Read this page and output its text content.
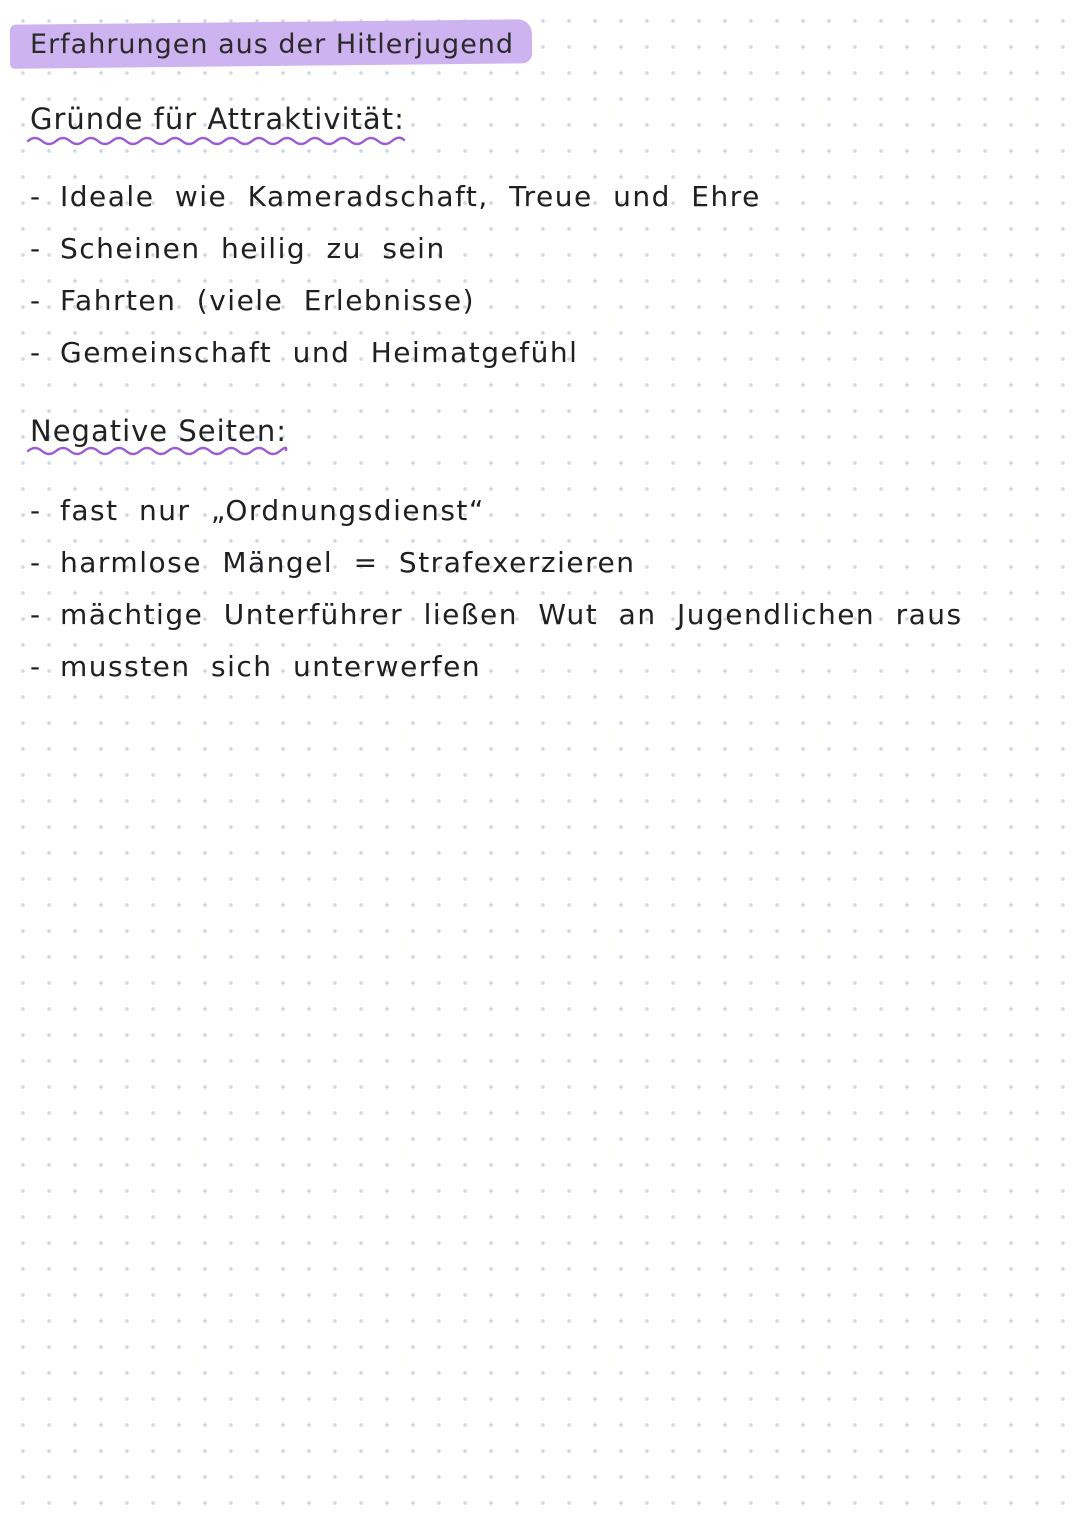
Erfahrungen aus der Hitlerjugend
Gründe für Attraktivität:
- Ideale wie Kameradschaft, Treue und Ehre
- Scheinen heilig zu sein
- Fahrten (viele Erlebnisse)
- Gemeinschaft und Heimatgefühl
Negative Seiten:
- fast nur „Ordnungsdienst“
- harmlose Mängel = Strafexerzieren
- mächtige Unterführer ließen Wut an Jugendlichen raus
- mussten sich unterwerfen
